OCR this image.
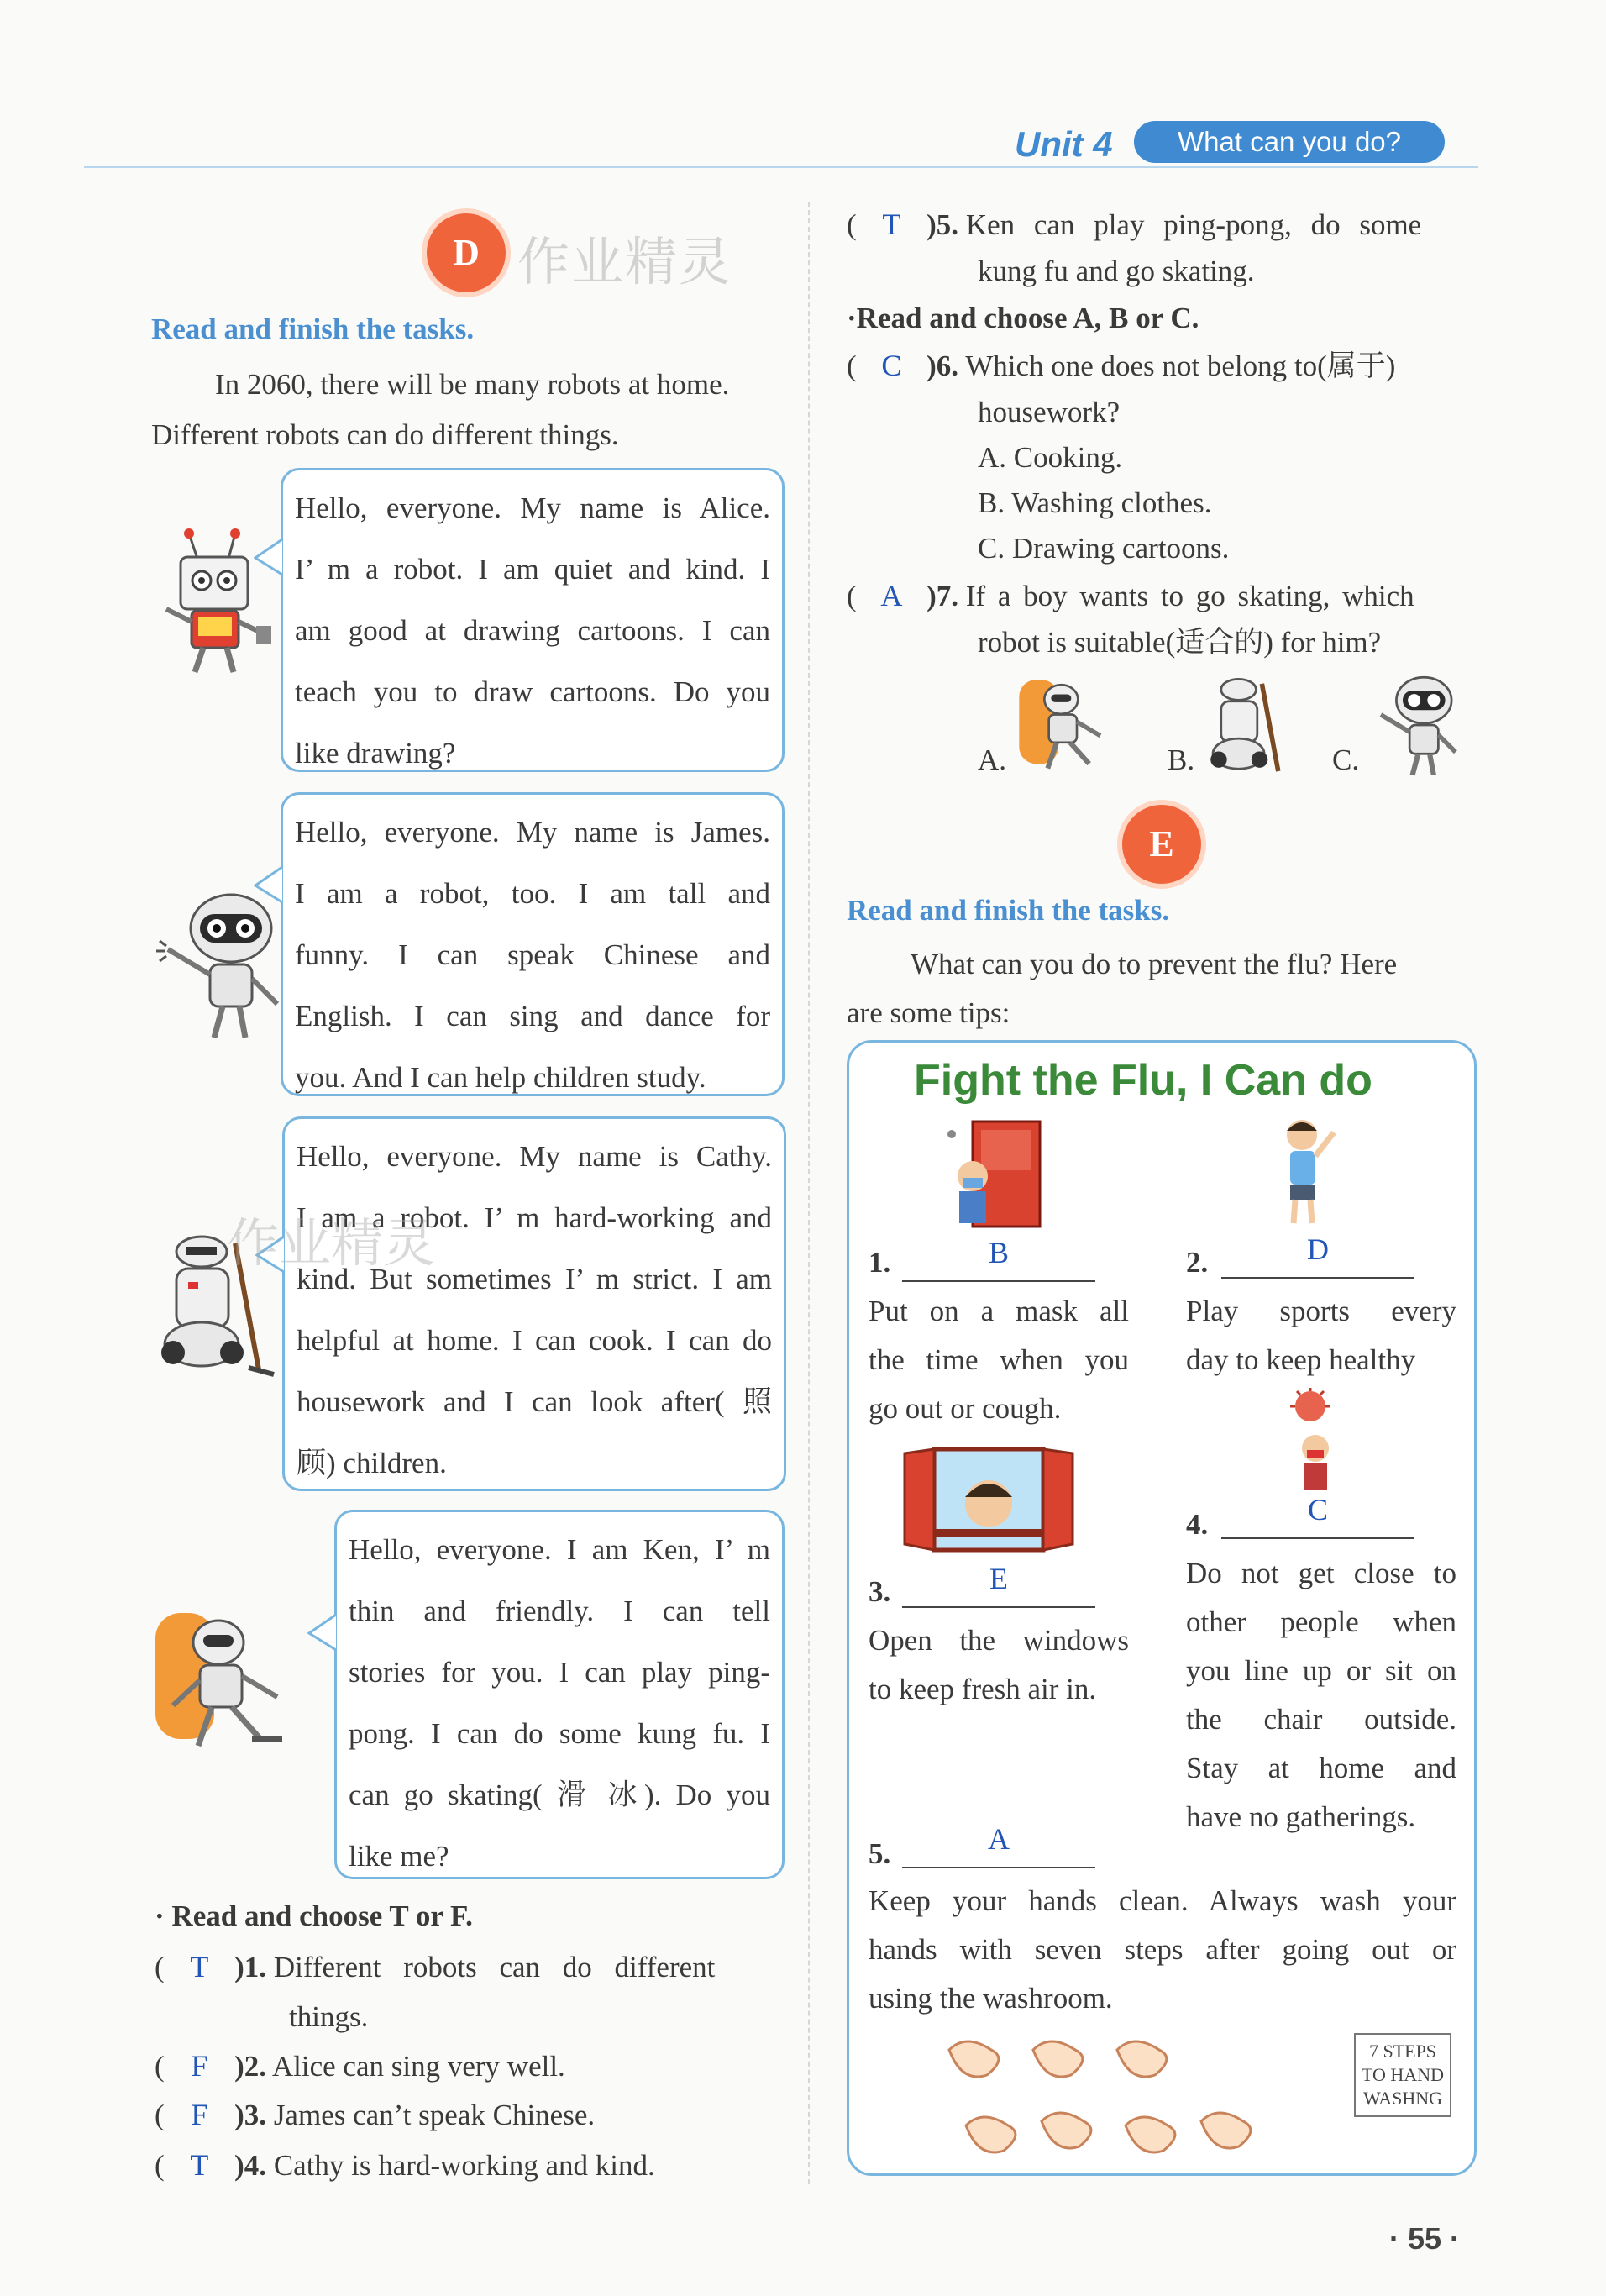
Unit 4	What can you do?
D 作业精灵
Read and finish the tasks.
In 2060, there will be many robots at home.
Different robots can do different things.
Hello, everyone. My name is Alice.
I’ m a robot. I am quiet and kind. I
am good at drawing cartoons. I can
teach you to draw cartoons. Do you
like drawing?
Hello, everyone. My name is James.
I am a robot, too. I am tall and
funny. I can speak Chinese and
English. I can sing and dance for
you. And I can help children study.
Hello, everyone. My name is Cathy.
I am a robot. I’ m hard-working and
kind. But sometimes I’ m strict. I am
helpful at home. I can cook. I can do
housework and I can look after( 照
顾) children.
作业精灵
Hello, everyone. I am Ken, I’ m
thin and friendly. I can tell
stories for you. I can play ping-
pong. I can do some kung fu. I
can go skating( 滑 冰). Do you
like me?
· Read and choose T or F.
( T )1. Different robots can do different
things.
( F )2. Alice can sing very well.
( F )3. James can’t speak Chinese.
( T )4. Cathy is hard-working and kind.
( T )5. Ken can play ping-pong, do some
kung fu and go skating.
·Read and choose A, B or C.
( C )6. Which one does not belong to(属于)
housework?
A. Cooking.
B. Washing clothes.
C. Drawing cartoons.
( A )7. If a boy wants to go skating, which
robot is suitable(适合的) for him?
A.	B.	C.
E
Read and finish the tasks.
What can you do to prevent the flu? Here
are some tips:
Fight the Flu, I Can do
1.	B
Put on a mask all
the time when you
go out or cough.
2.	D
Play sports every
day to keep healthy
4.	C
Do not get close to
other people when
you line up or sit on
the chair outside.
Stay at home and
have no gatherings.
3.	E
Open the windows
to keep fresh air in.
5.	A
Keep your hands clean. Always wash your
hands with seven steps after going out or
using the washroom.
7 STEPS
TO HAND
WASHNG
· 55 ·
